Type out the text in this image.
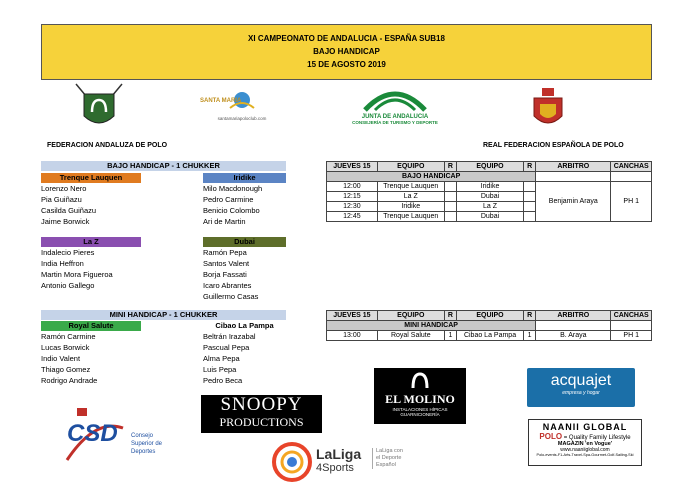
XI CAMPEONATO DE ANDALUCIA - ESPAÑA SUB18
BAJO HANDICAP
15 DE AGOSTO 2019
FEDERACION ANDALUZA DE POLO
SANTA MARIA
santamariapoloclub.com	JUNTA DE ANDALUCIA
CONSEJERÍA DE TURISMO Y DEPORTE
REAL FEDERACION ESPAÑOLA DE POLO
BAJO HANDICAP - 1 CHUKKER
Trenque Lauquen
Lorenzo Nero
Pia Guiñazu
Casilda Guiñazu
Jaime Borwick
Iridike
Milo Macdonough
Pedro Carmine
Benicio Colombo
Ari de Martin
La Z
Indalecio Pieres
India Heffron
Martin Mora Figueroa
Antonio Gallego
Dubai
Ramón Pepa
Santos Valent
Borja Fassati
Icaro Abrantes
Guillermo Casas
MINI HANDICAP - 1 CHUKKER
Royal Salute
Ramón Carmine
Lucas Borwick
Indio Valent
Thiago Gomez
Rodrigo Andrade
Cibao La Pampa
Beltrán Irazabal
Pascual Pepa
Alma Pepa
Luis Pepa
Pedro Beca
JUEVES 15	EQUIPO	R	EQUIPO	R	ARBITRO	CANCHAS
BAJO HANDICAP						
12:00	Trenque Lauquen		Iridike		Benjamin Araya	PH 1
12:15	La Z		Dubai			
12:30	Iridike		La Z			
12:45	Trenque Lauquen		Dubai			
JUEVES 15	EQUIPO	R	EQUIPO	R	ARBITRO	CANCHAS
MINI HANDICAP						
13:00	Royal Salute	1	Cibao La Pampa	1	B. Araya	PH 1
EL MOLINO
INSTALACIONES HÍPICAS
GUARNICIONERÍA
acquajet
empresa y hogar
SNOOPY
PRODUCTIONS
CSD Consejo
Superior de
Deportes	LaLiga
4Sports
LaLiga con
el Deporte
Español
NAANII GLOBAL
POLO = Quality Family Lifestyle
MAGAZIN 'en Vogue'
www.naaniiglobal.com
Polo-events-F1-Arts-Travel-Spa-Gourmet-Golf-Sailing-Ski
